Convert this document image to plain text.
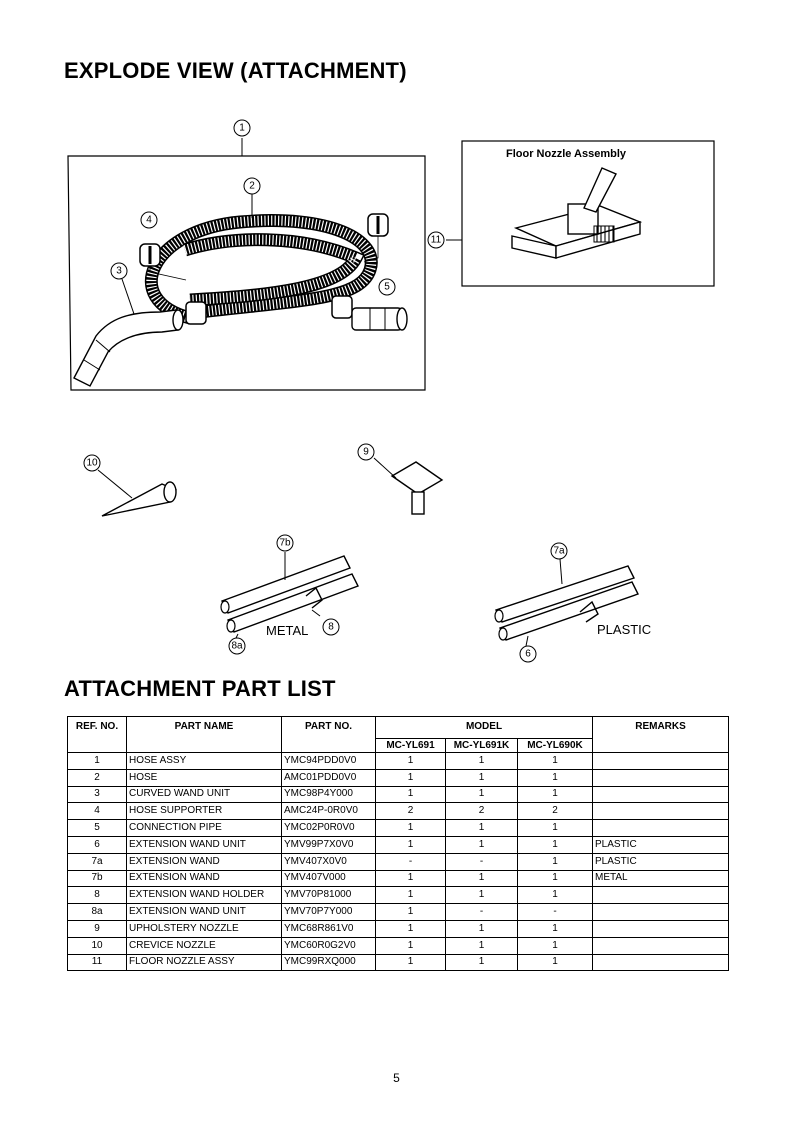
EXPLODE VIEW (ATTACHMENT)
Floor Nozzle Assembly
METAL	PLASTIC
1
2
3
4
5
6
7a
7b
8
8a
9
10
11
ATTACHMENT PART LIST
REF. NO.	PART NAME	PART NO.	MODEL			REMARKS
			MC-YL691	MC-YL691K	MC-YL690K	
1	HOSE ASSY	YMC94PDD0V0	1	1	1	
2	HOSE	AMC01PDD0V0	1	1	1	
3	CURVED WAND UNIT	YMC98P4Y000	1	1	1	
4	HOSE SUPPORTER	AMC24P-0R0V0	2	2	2	
5	CONNECTION PIPE	YMC02P0R0V0	1	1	1	
6	EXTENSION WAND UNIT	YMV99P7X0V0	1	1	1	PLASTIC
7a	EXTENSION WAND	YMV407X0V0	-	-	1	PLASTIC
7b	EXTENSION WAND	YMV407V000	1	1	1	METAL
8	EXTENSION WAND HOLDER	YMV70P81000	1	1	1	
8a	EXTENSION WAND UNIT	YMV70P7Y000	1	-	-	
9	UPHOLSTERY NOZZLE	YMC68R861V0	1	1	1	
10	CREVICE NOZZLE	YMC60R0G2V0	1	1	1	
11	FLOOR NOZZLE ASSY	YMC99RXQ000	1	1	1	
5
